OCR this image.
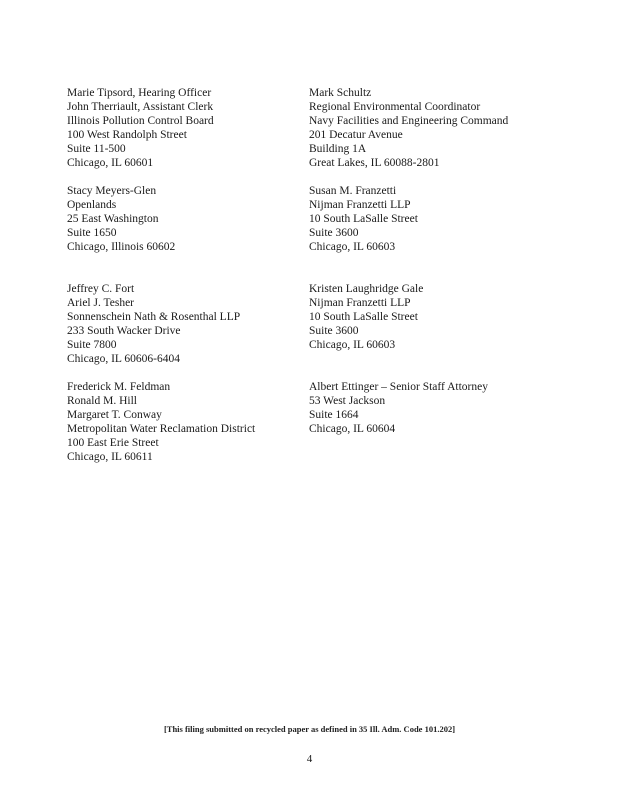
Marie Tipsord, Hearing Officer
John Therriault, Assistant Clerk
Illinois Pollution Control Board
100 West Randolph Street
Suite 11-500
Chicago, IL 60601
Stacy Meyers-Glen
Openlands
25 East Washington
Suite 1650
Chicago, Illinois 60602
Jeffrey C. Fort
Ariel J. Tesher
Sonnenschein Nath & Rosenthal LLP
233 South Wacker Drive
Suite 7800
Chicago, IL 60606-6404
Frederick M. Feldman
Ronald M. Hill
Margaret T. Conway
Metropolitan Water Reclamation District
100 East Erie Street
Chicago, IL 60611
Mark Schultz
Regional Environmental Coordinator
Navy Facilities and Engineering Command
201 Decatur Avenue
Building 1A
Great Lakes, IL 60088-2801
Susan M. Franzetti
Nijman Franzetti LLP
10 South LaSalle Street
Suite 3600
Chicago, IL 60603
Kristen Laughridge Gale
Nijman Franzetti LLP
10 South LaSalle Street
Suite 3600
Chicago, IL 60603
Albert Ettinger – Senior Staff Attorney
53 West Jackson
Suite 1664
Chicago, IL 60604
[This filing submitted on recycled paper as defined in 35 Ill. Adm. Code 101.202]
4
